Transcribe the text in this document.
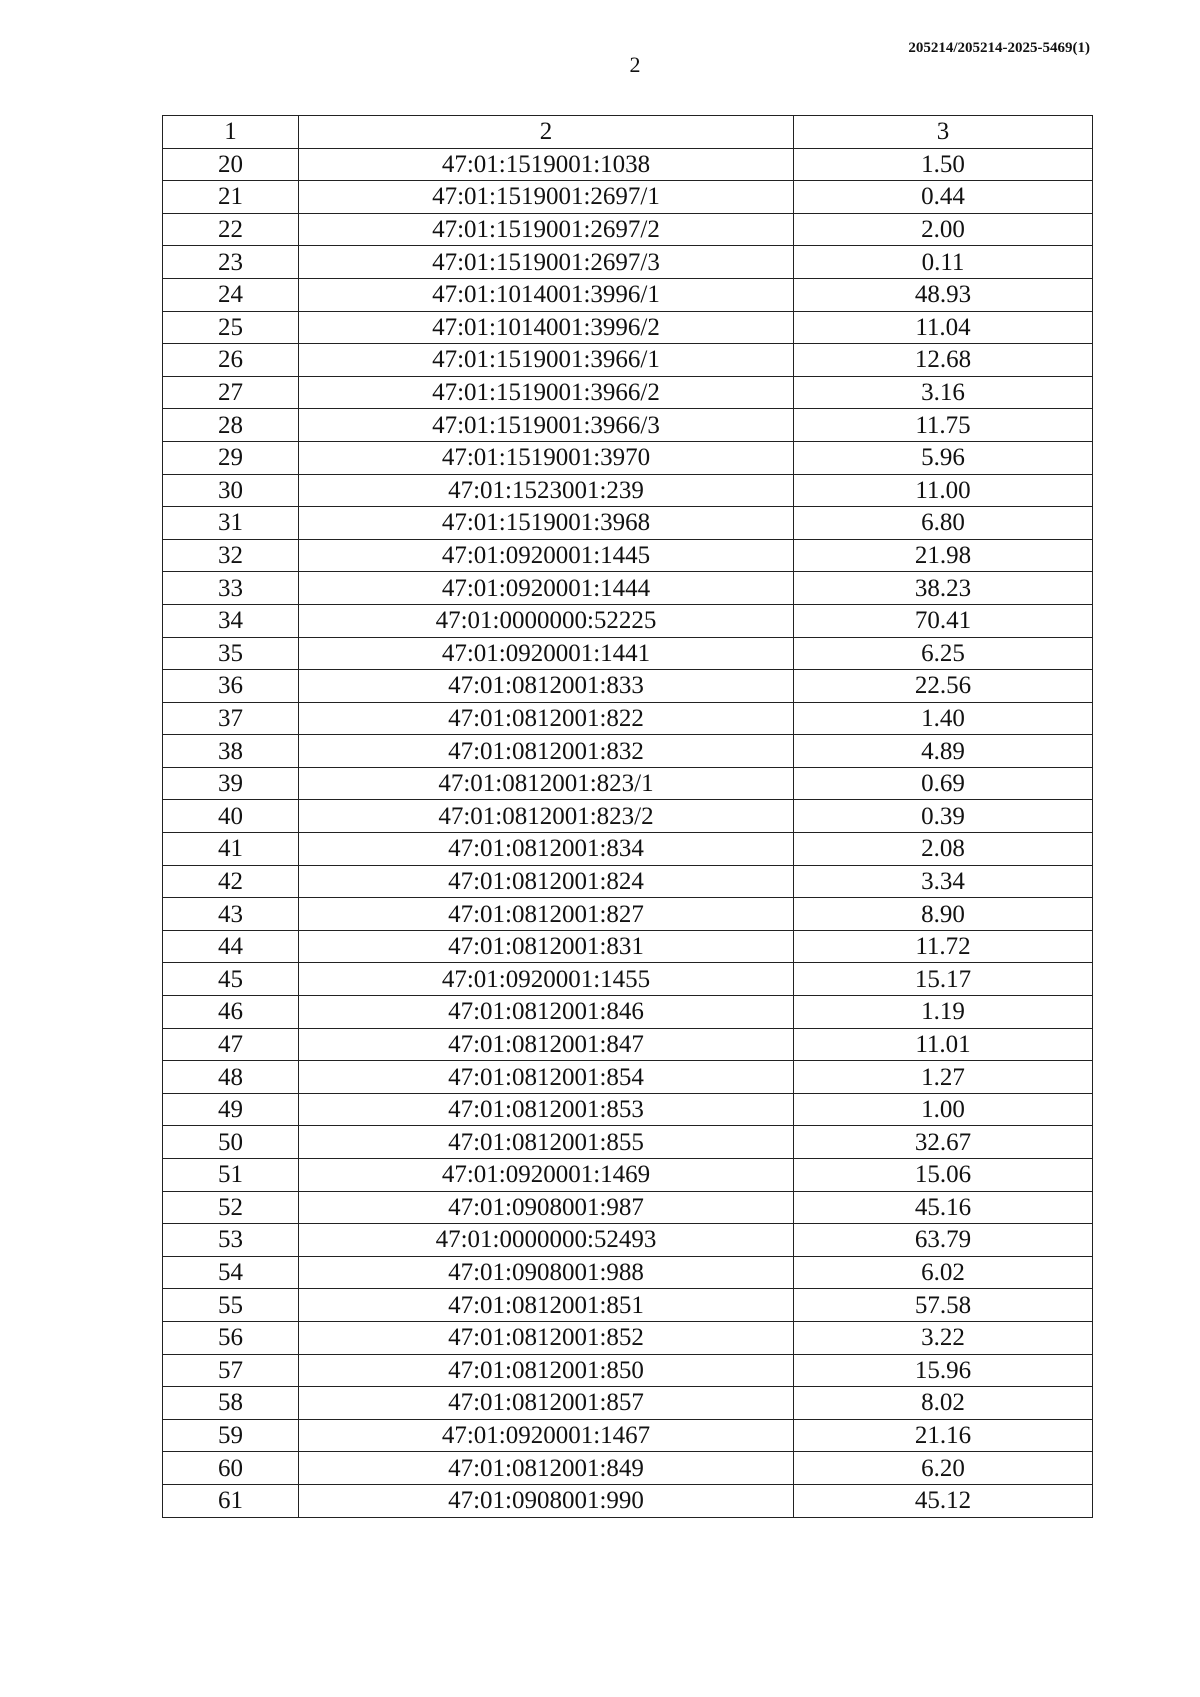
2
205214/205214-2025-5469(1)
1	2	3
20	47:01:1519001:1038	1.50
21	47:01:1519001:2697/1	0.44
22	47:01:1519001:2697/2	2.00
23	47:01:1519001:2697/3	0.11
24	47:01:1014001:3996/1	48.93
25	47:01:1014001:3996/2	11.04
26	47:01:1519001:3966/1	12.68
27	47:01:1519001:3966/2	3.16
28	47:01:1519001:3966/3	11.75
29	47:01:1519001:3970	5.96
30	47:01:1523001:239	11.00
31	47:01:1519001:3968	6.80
32	47:01:0920001:1445	21.98
33	47:01:0920001:1444	38.23
34	47:01:0000000:52225	70.41
35	47:01:0920001:1441	6.25
36	47:01:0812001:833	22.56
37	47:01:0812001:822	1.40
38	47:01:0812001:832	4.89
39	47:01:0812001:823/1	0.69
40	47:01:0812001:823/2	0.39
41	47:01:0812001:834	2.08
42	47:01:0812001:824	3.34
43	47:01:0812001:827	8.90
44	47:01:0812001:831	11.72
45	47:01:0920001:1455	15.17
46	47:01:0812001:846	1.19
47	47:01:0812001:847	11.01
48	47:01:0812001:854	1.27
49	47:01:0812001:853	1.00
50	47:01:0812001:855	32.67
51	47:01:0920001:1469	15.06
52	47:01:0908001:987	45.16
53	47:01:0000000:52493	63.79
54	47:01:0908001:988	6.02
55	47:01:0812001:851	57.58
56	47:01:0812001:852	3.22
57	47:01:0812001:850	15.96
58	47:01:0812001:857	8.02
59	47:01:0920001:1467	21.16
60	47:01:0812001:849	6.20
61	47:01:0908001:990	45.12
